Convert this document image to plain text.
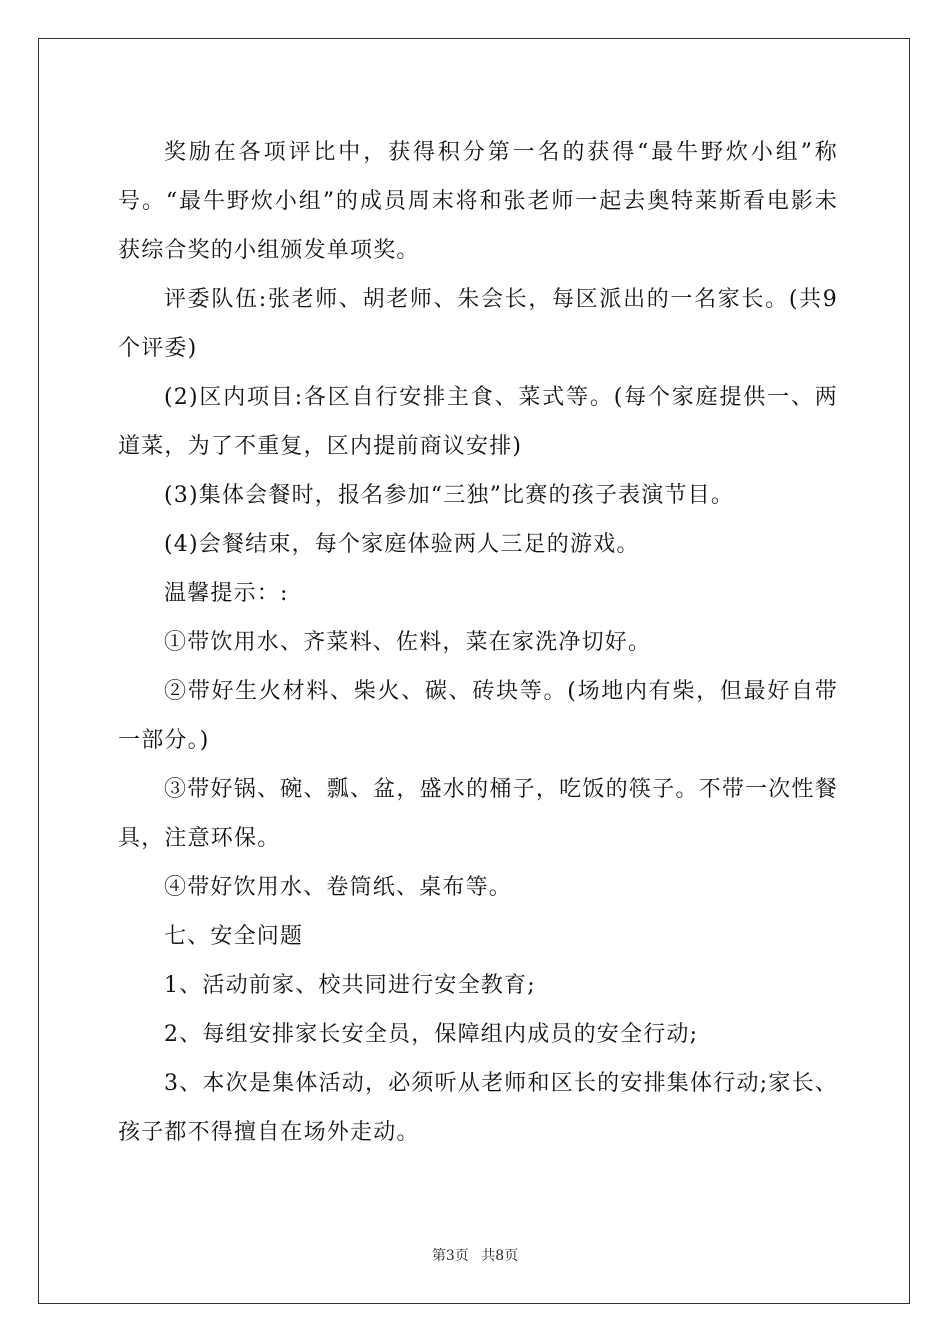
奖励在各项评比中，获得积分第一名的获得“最牛野炊小组”称号。“最牛野炊小组”的成员周末将和张老师一起去奥特莱斯看电影未获综合奖的小组颁发单项奖。

评委队伍:张老师、胡老师、朱会长，每区派出的一名家长。(共9个评委)

(2)区内项目:各区自行安排主食、菜式等。(每个家庭提供一、两道菜，为了不重复，区内提前商议安排)

(3)集体会餐时，报名参加“三独”比赛的孩子表演节目。

(4)会餐结束，每个家庭体验两人三足的游戏。

温馨提示：:

①带饮用水、齐菜料、佐料，菜在家洗净切好。

②带好生火材料、柴火、碳、砖块等。(场地内有柴，但最好自带一部分。)

③带好锅、碗、瓢、盆，盛水的桶子，吃饭的筷子。不带一次性餐具，注意环保。

④带好饮用水、卷筒纸、桌布等。

七、安全问题

1、活动前家、校共同进行安全教育;

2、每组安排家长安全员，保障组内成员的安全行动;

3、本次是集体活动，必须听从老师和区长的安排集体行动;家长、孩子都不得擅自在场外走动。

第3页 共8页
